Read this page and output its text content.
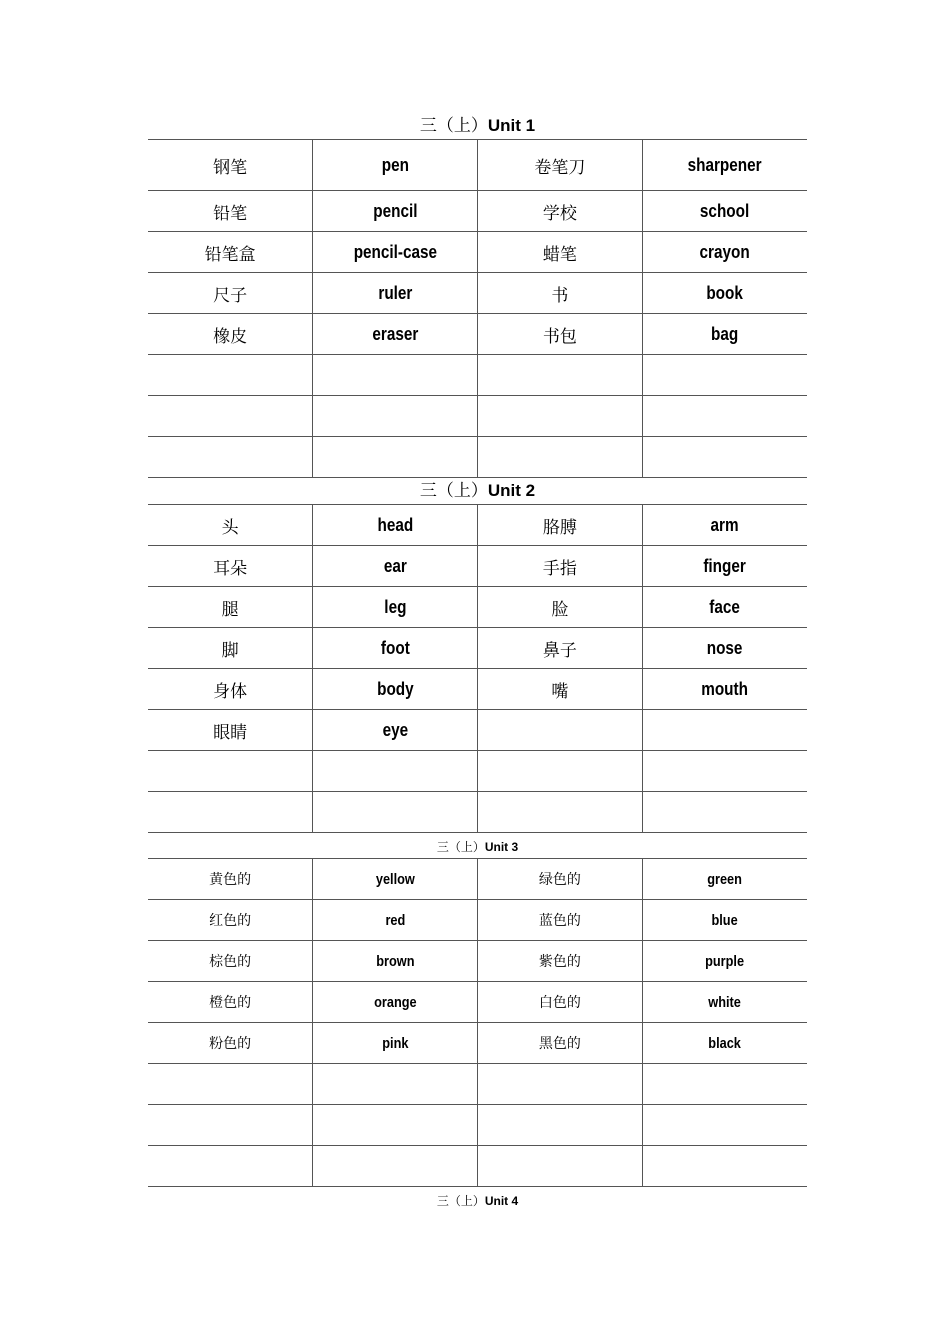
三（上）Unit 1
钢笔	pen	卷笔刀	sharpener
铅笔	pencil	学校	school
铅笔盒	pencil-case	蜡笔	crayon
尺子	ruler	书	book
橡皮	eraser	书包	bag

三（上）Unit 2
头	head	胳膊	arm
耳朵	ear	手指	finger
腿	leg	脸	face
脚	foot	鼻子	nose
身体	body	嘴	mouth
眼睛	eye		

三（上）Unit 3
黄色的	yellow	绿色的	green
红色的	red	蓝色的	blue
棕色的	brown	紫色的	purple
橙色的	orange	白色的	white
粉色的	pink	黑色的	black

三（上）Unit 4
